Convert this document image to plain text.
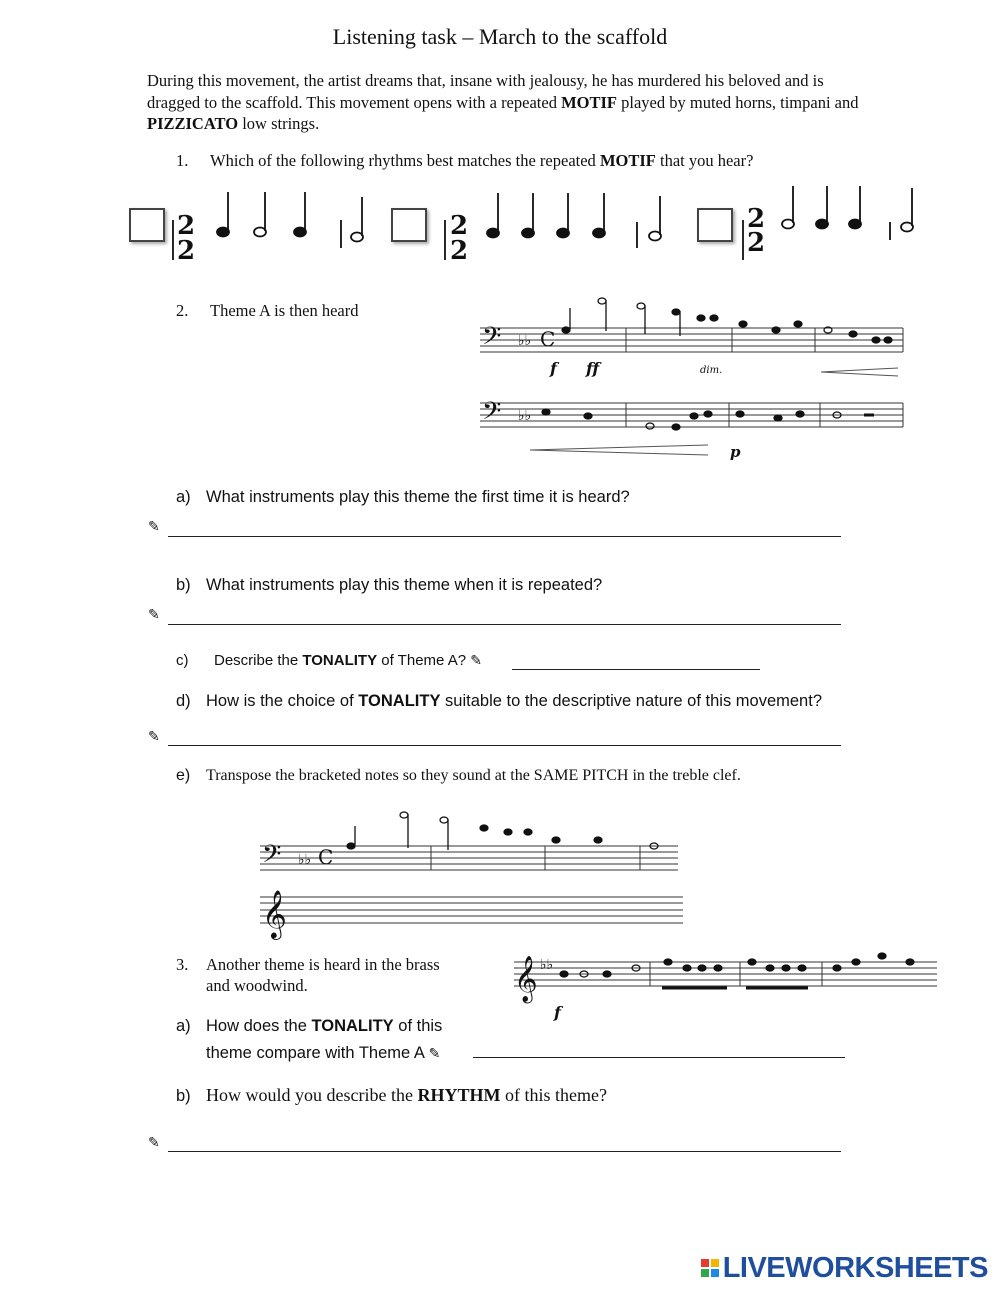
Listening task – March to the scaffold
During this movement, the artist dreams that, insane with jealousy, he has murdered his beloved and is dragged to the scaffold. This movement opens with a repeated MOTIF played by muted horns, timpani and PIZZICATO low strings.
1. Which of the following rhythms best matches the repeated MOTIF that you hear?
2
2
2
2
2
2
2. Theme A is then heard
𝄢
𝄢
♭♭
♭♭
C
f ff	dim.
p
a) What instruments play this theme the first time it is heard?
✎
b) What instruments play this theme when it is repeated?
✎
c) Describe the TONALITY of Theme A? ✎
d) How is the choice of TONALITY suitable to the descriptive nature of this movement?
✎
e) Transpose the bracketed notes so they sound at the SAME PITCH in the treble clef.
𝄢
𝄞
♭♭ C
3. Another theme is heard in the brass
and woodwind.	𝄞 ♭♭
f
a) How does the TONALITY of this
theme compare with Theme A ✎
b) How would you describe the RHYTHM of this theme?
✎
LIVEWORKSHEETS
